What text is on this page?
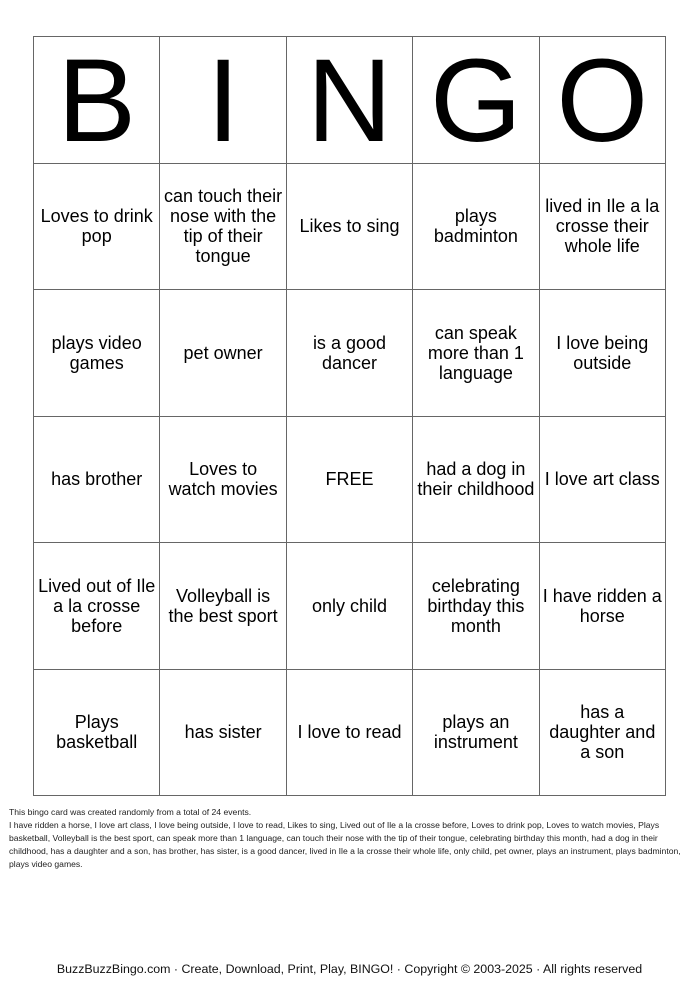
B	I	N	G	O
Loves to drink pop	can touch their nose with the tip of their tongue	Likes to sing	plays badminton	lived in Ile a la crosse their whole life
plays video games	pet owner	is a good dancer	can speak more than 1 language	I love being outside
has brother	Loves to watch movies	FREE	had a dog in their childhood	I love art class
Lived out of Ile a la crosse before	Volleyball is the best sport	only child	celebrating birthday this month	I have ridden a horse
Plays basketball	has sister	I love to read	plays an instrument	has a daughter and a son

This bingo card was created randomly from a total of 24 events.

I have ridden a horse, I love art class, I love being outside, I love to read, Likes to sing, Lived out of Ile a la crosse before, Loves to drink pop, Loves to watch movies, Plays basketball, Volleyball is the best sport, can speak more than 1 language, can touch their nose with the tip of their tongue, celebrating birthday this month, had a dog in their childhood, has a daughter and a son, has brother, has sister, is a good dancer, lived in Ile a la crosse their whole life, only child, pet owner, plays an instrument, plays badminton, plays video games.

BuzzBuzzBingo.com · Create, Download, Print, Play, BINGO! · Copyright © 2003-2025 · All rights reserved
